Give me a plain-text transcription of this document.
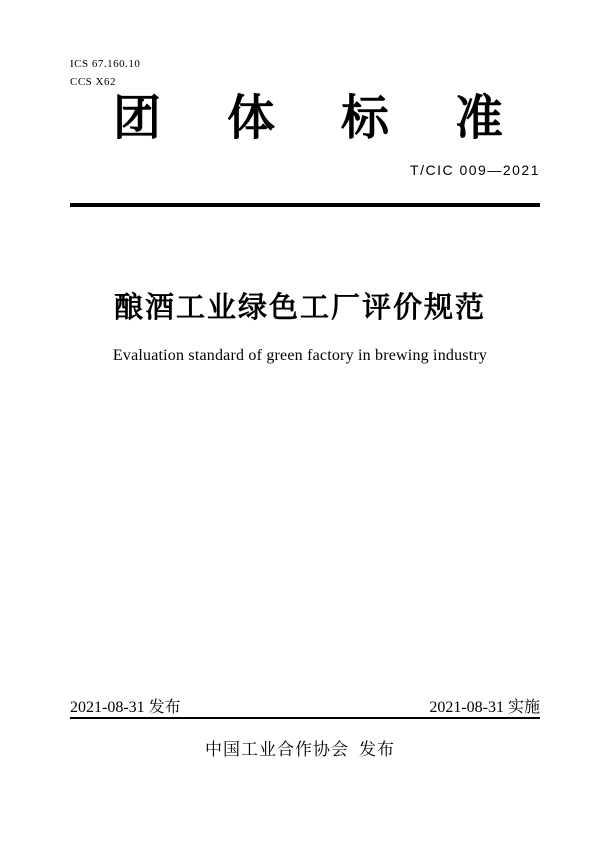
ICS 67.160.10
CCS X62
团 体 标 准
T/CIC 009—2021
酿酒工业绿色工厂评价规范
Evaluation standard of green factory in brewing industry
2021-08-31 发布	2021-08-31 实施
中国工业合作协会 发布
